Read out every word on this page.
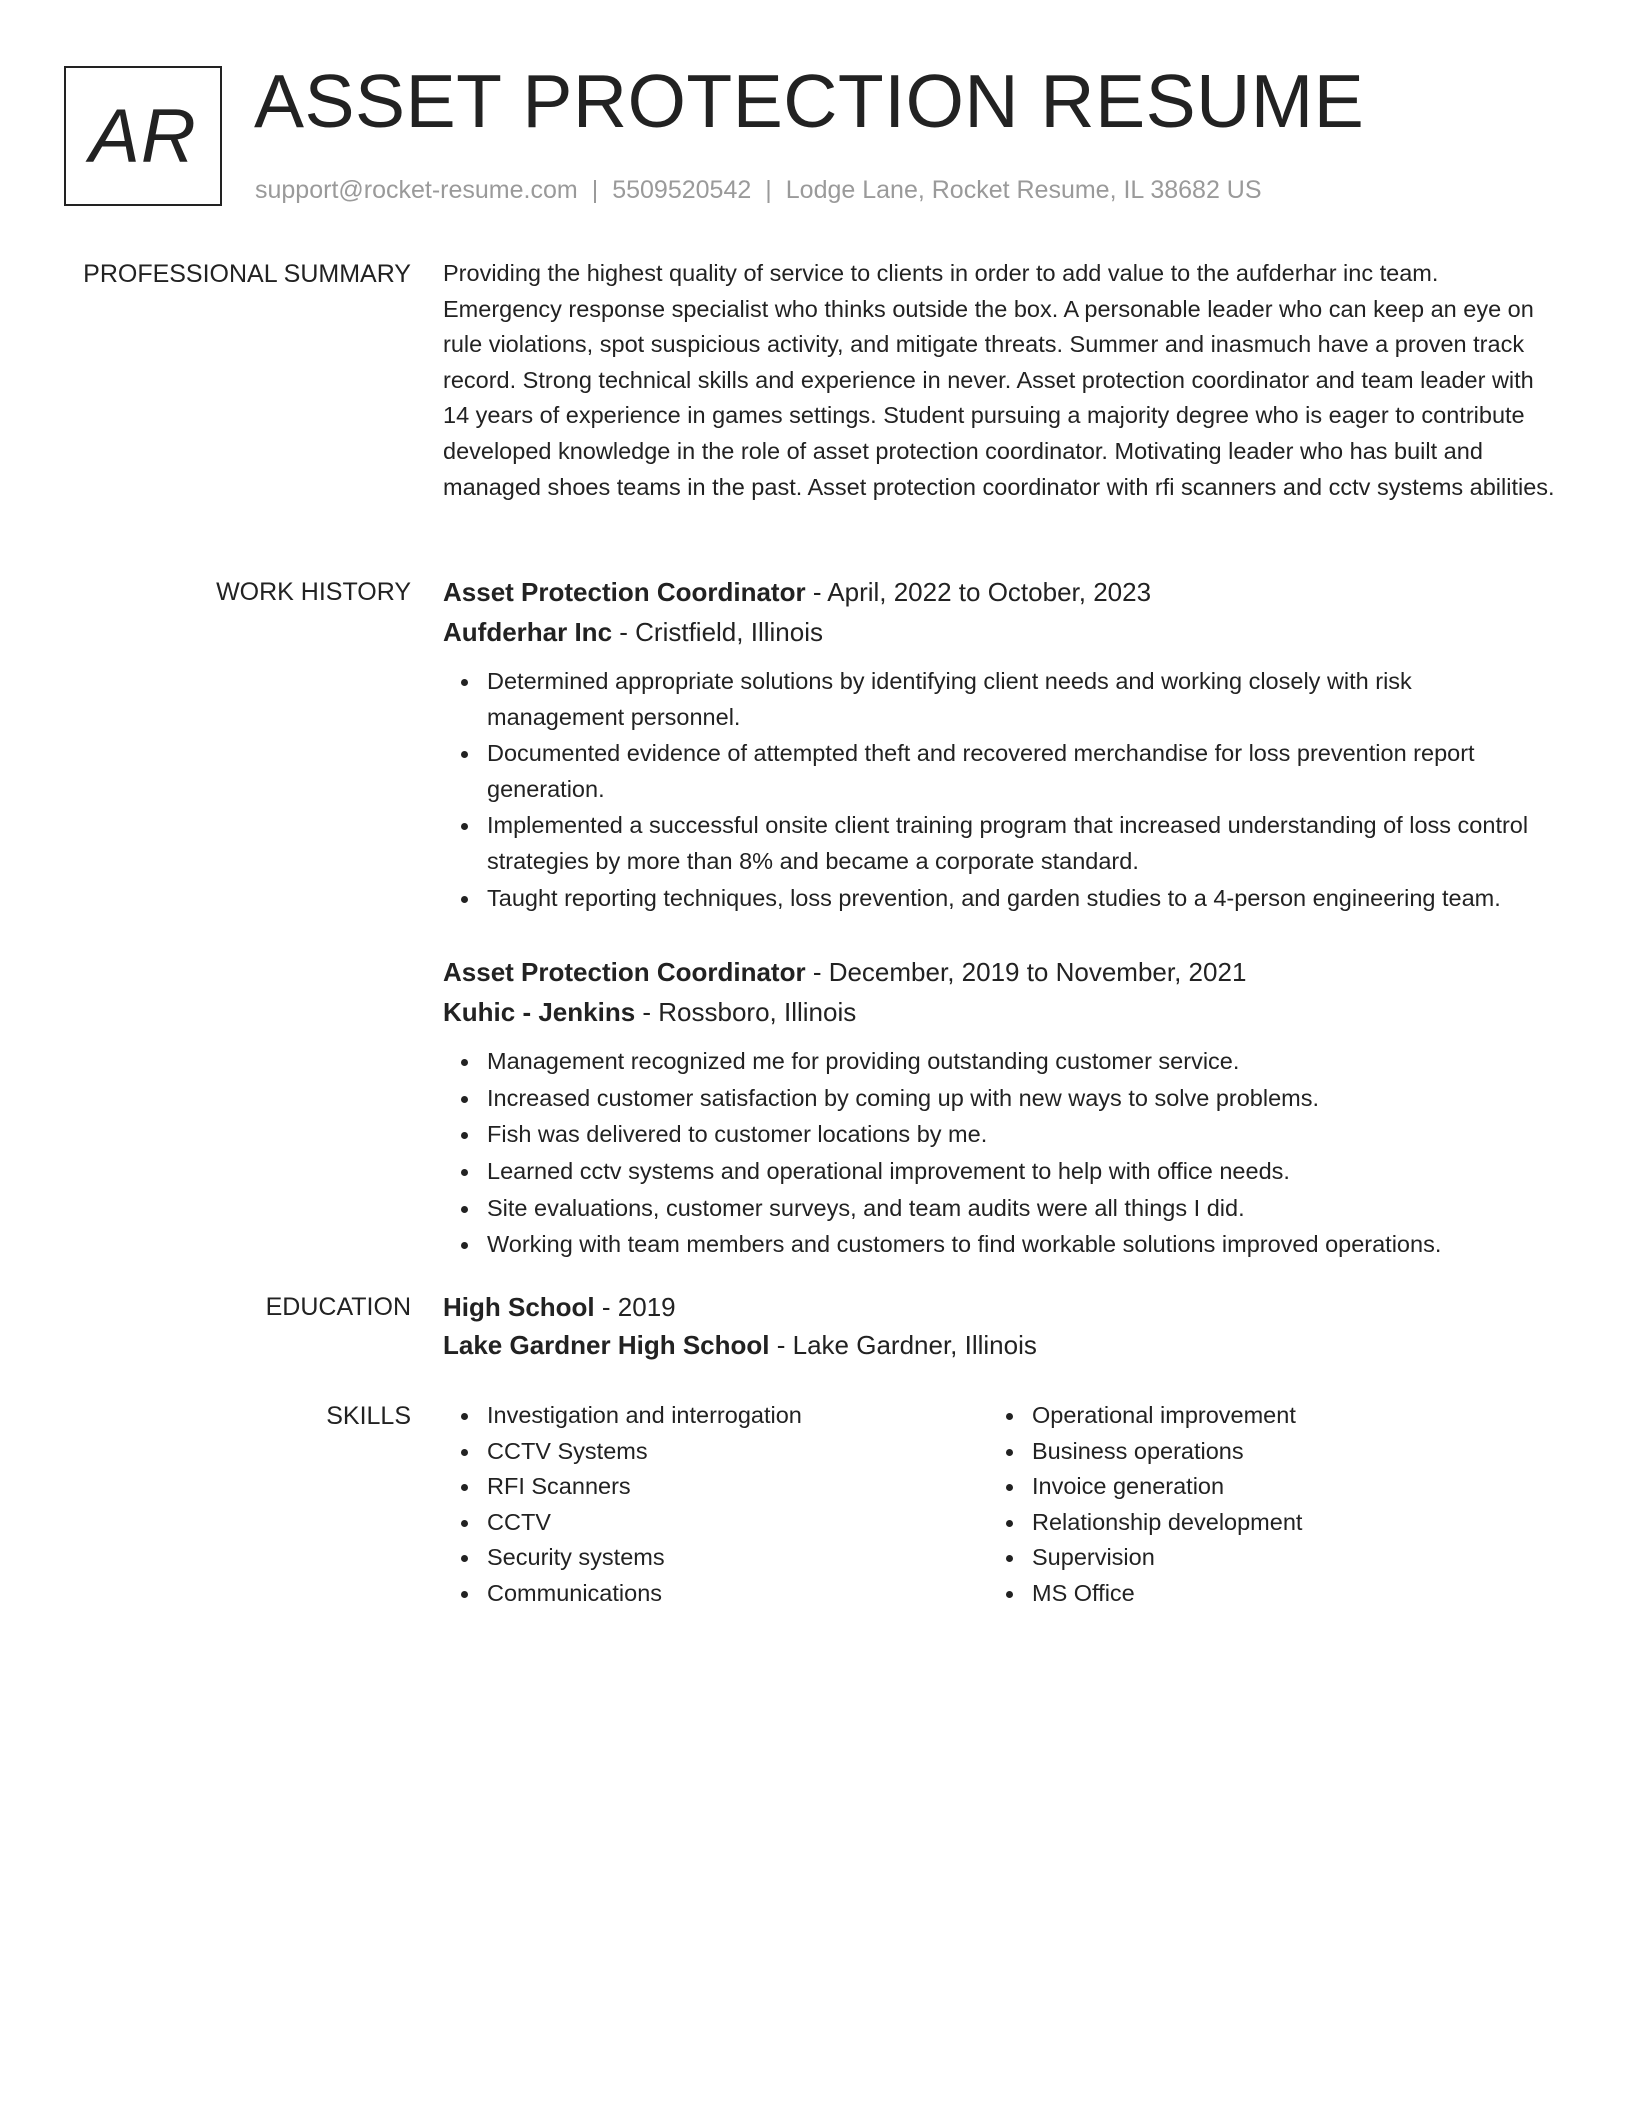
AR ASSET PROTECTION RESUME
support@rocket-resume.com | 5509520542 | Lodge Lane, Rocket Resume, IL 38682 US
PROFESSIONAL SUMMARY Providing the highest quality of service to clients in order to add value to the aufderhar inc team. Emergency response specialist who thinks outside the box. A personable leader who can keep an eye on rule violations, spot suspicious activity, and mitigate threats. Summer and inasmuch have a proven track record. Strong technical skills and experience in never. Asset protection coordinator and team leader with 14 years of experience in games settings. Student pursuing a majority degree who is eager to contribute developed knowledge in the role of asset protection coordinator. Motivating leader who has built and managed shoes teams in the past. Asset protection coordinator with rfi scanners and cctv systems abilities.

WORK HISTORY Asset Protection Coordinator - April, 2022 to October, 2023

Aufderhar Inc - Cristfield, Illinois

Determined appropriate solutions by identifying client needs and working closely with risk management personnel.
Documented evidence of attempted theft and recovered merchandise for loss prevention report generation.
Implemented a successful onsite client training program that increased understanding of loss control strategies by more than 8% and became a corporate standard.
Taught reporting techniques, loss prevention, and garden studies to a 4-person engineering team.

Asset Protection Coordinator - December, 2019 to November, 2021

Kuhic - Jenkins - Rossboro, Illinois

Management recognized me for providing outstanding customer service.
Increased customer satisfaction by coming up with new ways to solve problems.
Fish was delivered to customer locations by me.
Learned cctv systems and operational improvement to help with office needs.
Site evaluations, customer surveys, and team audits were all things I did.
Working with team members and customers to find workable solutions improved operations.
EDUCATION High School - 2019

Lake Gardner High School - Lake Gardner, Illinois

SKILLS	Investigation and interrogation
CCTV Systems
RFI Scanners
CCTV
Security systems
Communications
Operational improvement
Business operations
Invoice generation
Relationship development
Supervision
MS Office
